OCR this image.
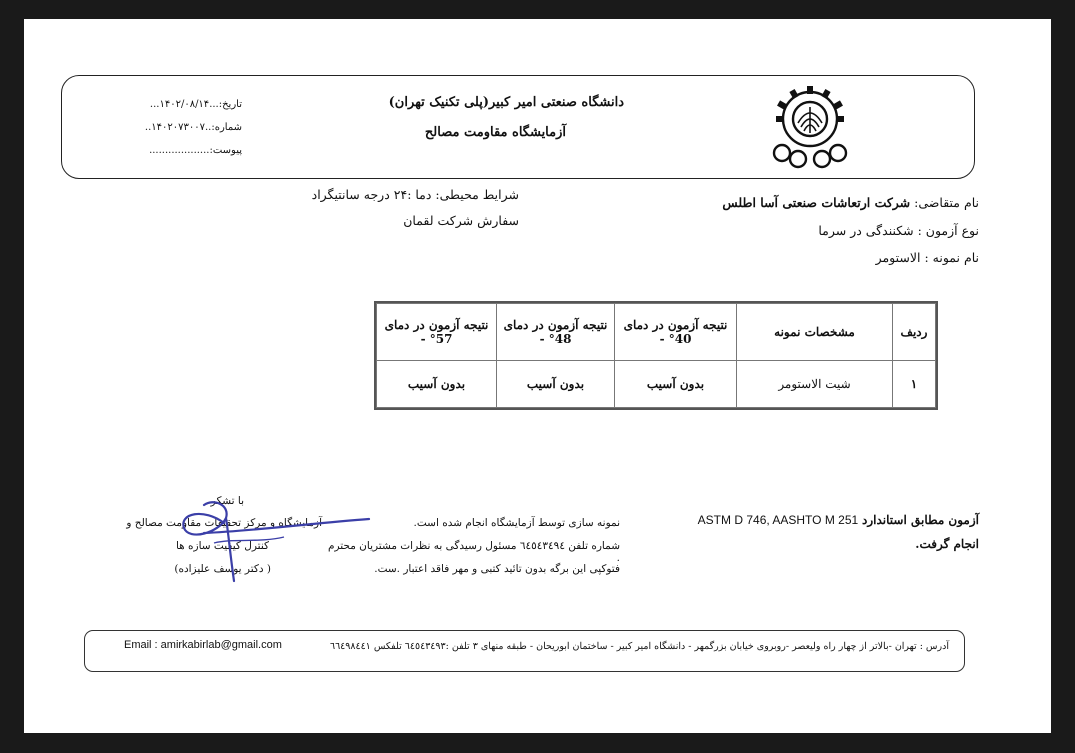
دانشگاه صنعتی امیر کبیر(پلی تکنیک تهران)
آزمایشگاه مقاومت مصالح
تاریخ:...۱۴۰۲/۰۸/۱۴...
شماره:..۱۴۰۲۰۷۳۰۰۷..
پیوست:...................
نام متقاضی: شرکت ارتعاشات صنعتی آسا اطلس
نوع آزمون : شکنندگی در سرما
نام نمونه : الاستومر
شرایط محیطی: دما :۲۴ درجه سانتیگراد
سفارش شرکت لقمان
ردیف	مشخصات نمونه	نتیجه آزمون در دمای 40° -	نتیجه آزمون در دمای 48° -	نتیجه آزمون در دمای 57° -
۱	شیت الاستومر	بدون آسیب	بدون آسیب	بدون آسیب
آزمون مطابق استاندارد ASTM D 746, AASHTO M 251
انجام گرفت.
نمونه سازی توسط آزمایشگاه انجام شده است.
شماره تلفن ٦٤٥٤٣٤٩٤ مسئول رسیدگی به نظرات مشتریان محترم .
فتوکپی این برگه بدون تائید کتبی و مهر فاقد اعتبار .ست.
با تشکر
آزمایشگاه و مرکز تحقیقات مقاومت مصالح و
کنترل کیفیت سازه ها
( دکتر یوسف علیزاده)
آدرس : تهران -بالاتر از چهار راه ولیعصر -روبروی خیابان بزرگمهر - دانشگاه امیر کبیر - ساختمان ابوریحان - طبقه منهای ۳ تلفن :٦٤٥٤٣٤٩٣ تلفکس ٦٦٤٩٨٤٤١
Email : amirkabirlab@gmail.com
